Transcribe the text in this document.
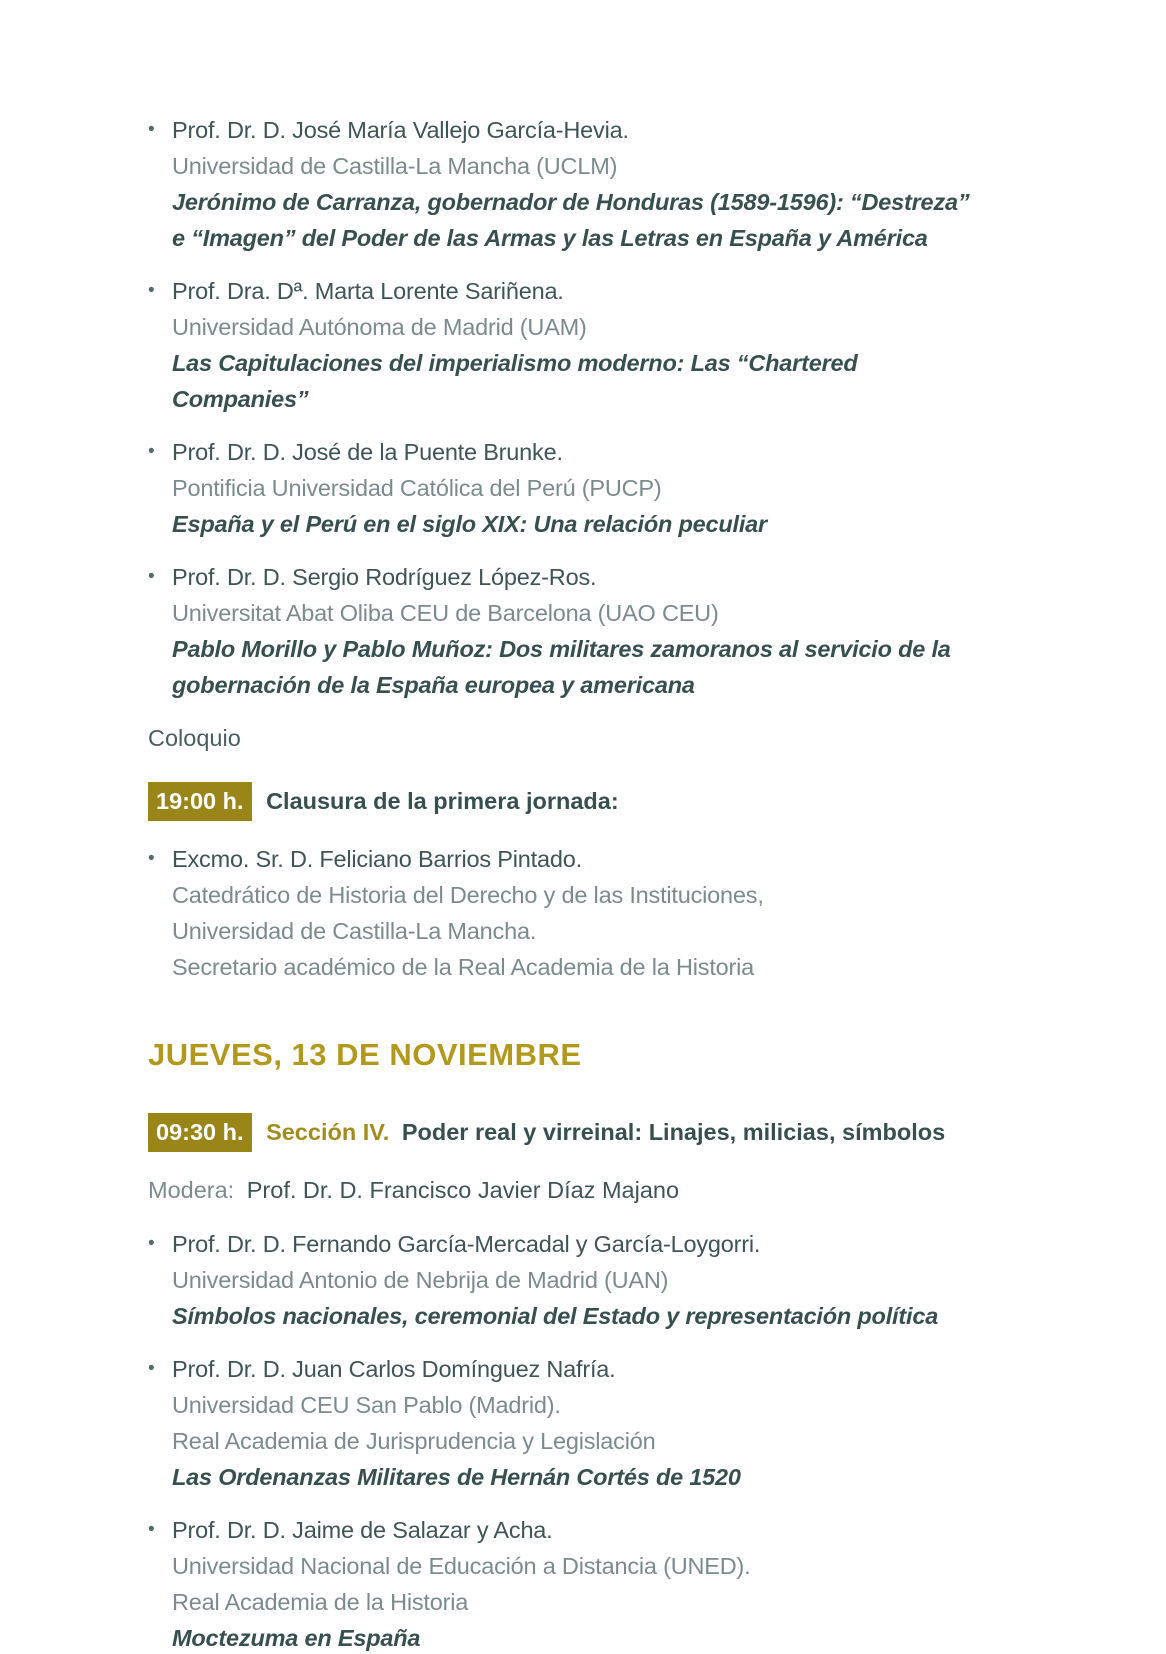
• Prof. Dr. D. José María Vallejo García-Hevia.
Universidad de Castilla-La Mancha (UCLM)
Jerónimo de Carranza, gobernador de Honduras (1589-1596): “Destreza” e “Imagen” del Poder de las Armas y las Letras en España y América
• Prof. Dra. Dª. Marta Lorente Sariñena.
Universidad Autónoma de Madrid (UAM)
Las Capitulaciones del imperialismo moderno: Las “Chartered Companies”
• Prof. Dr. D. José de la Puente Brunke.
Pontificia Universidad Católica del Perú (PUCP)
España y el Perú en el siglo XIX: Una relación peculiar
• Prof. Dr. D. Sergio Rodríguez López-Ros.
Universitat Abat Oliba CEU de Barcelona (UAO CEU)
Pablo Morillo y Pablo Muñoz: Dos militares zamoranos al servicio de la gobernación de la España europea y americana
Coloquio
19:00 h. Clausura de la primera jornada:
• Excmo. Sr. D. Feliciano Barrios Pintado.
Catedrático de Historia del Derecho y de las Instituciones,
Universidad de Castilla-La Mancha.
Secretario académico de la Real Academia de la Historia
JUEVES, 13 DE NOVIEMBRE
09:30 h. Sección IV. Poder real y virreinal: Linajes, milicias, símbolos
Modera: Prof. Dr. D. Francisco Javier Díaz Majano
• Prof. Dr. D. Fernando García-Mercadal y García-Loygorri.
Universidad Antonio de Nebrija de Madrid (UAN)
Símbolos nacionales, ceremonial del Estado y representación política
• Prof. Dr. D. Juan Carlos Domínguez Nafría.
Universidad CEU San Pablo (Madrid).
Real Academia de Jurisprudencia y Legislación
Las Ordenanzas Militares de Hernán Cortés de 1520
• Prof. Dr. D. Jaime de Salazar y Acha.
Universidad Nacional de Educación a Distancia (UNED).
Real Academia de la Historia
Moctezuma en España
